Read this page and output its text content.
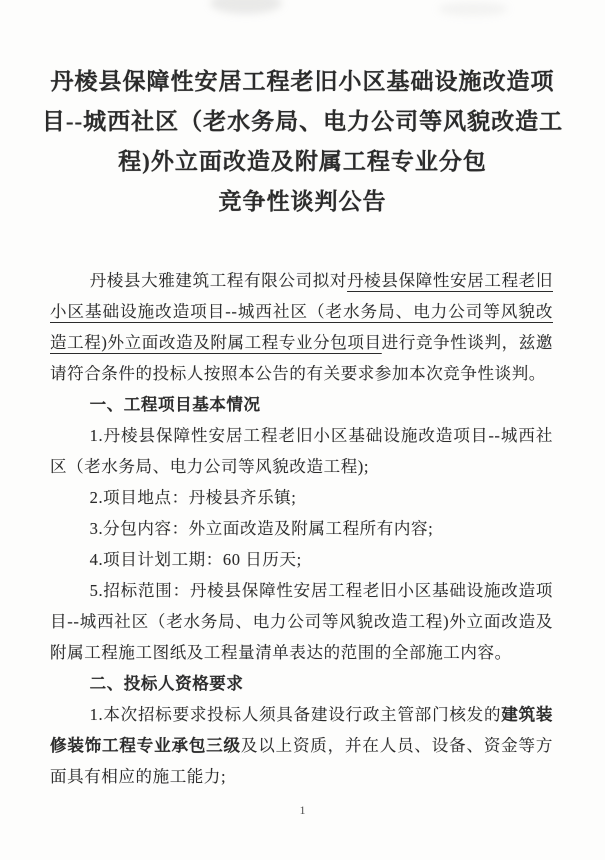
丹棱县保障性安居工程老旧小区基础设施改造项
目--城西社区（老水务局、电力公司等风貌改造工
程)外立面改造及附属工程专业分包
竞争性谈判公告

丹棱县大雅建筑工程有限公司拟对丹棱县保障性安居工程老旧小区基础设施改造项目--城西社区（老水务局、电力公司等风貌改造工程)外立面改造及附属工程专业分包项目进行竞争性谈判，兹邀请符合条件的投标人按照本公告的有关要求参加本次竞争性谈判。

一、工程项目基本情况

1.丹棱县保障性安居工程老旧小区基础设施改造项目--城西社区（老水务局、电力公司等风貌改造工程);

2.项目地点：丹棱县齐乐镇;

3.分包内容：外立面改造及附属工程所有内容;

4.项目计划工期：60 日历天;

5.招标范围：丹棱县保障性安居工程老旧小区基础设施改造项目--城西社区（老水务局、电力公司等风貌改造工程)外立面改造及附属工程施工图纸及工程量清单表达的范围的全部施工内容。

二、投标人资格要求

1.本次招标要求投标人须具备建设行政主管部门核发的建筑装修装饰工程专业承包三级及以上资质，并在人员、设备、资金等方面具有相应的施工能力;

1
